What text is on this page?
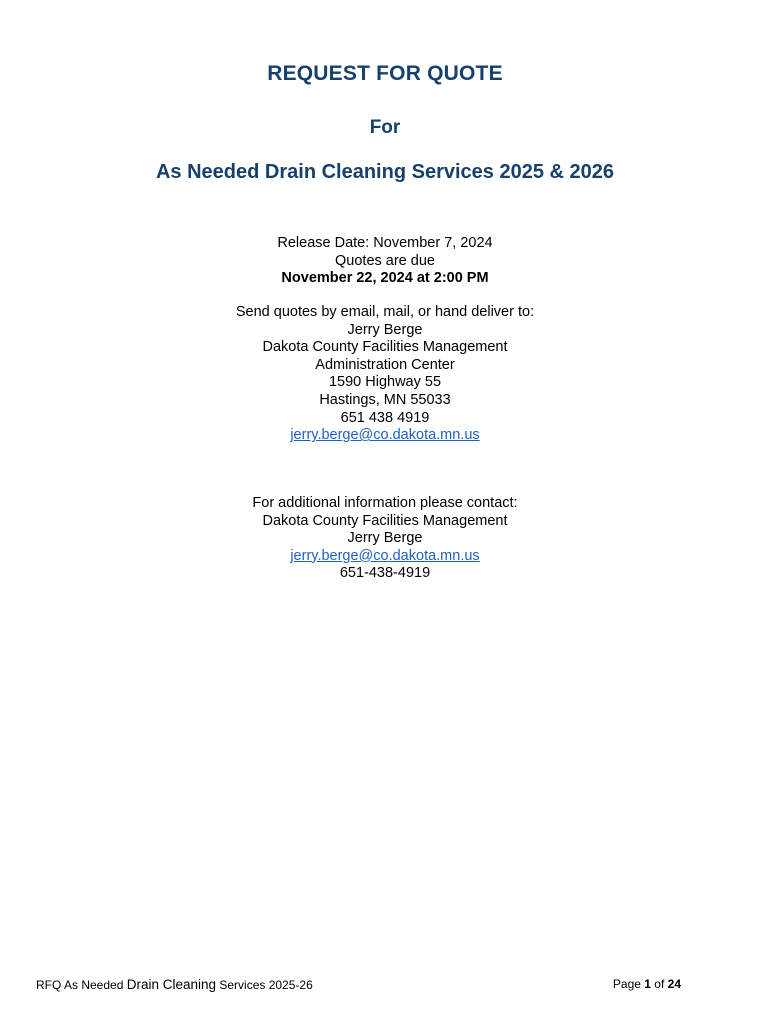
REQUEST FOR QUOTE
For
As Needed Drain Cleaning Services 2025 & 2026
Release Date: November 7, 2024
Quotes are due
November 22, 2024 at 2:00 PM
Send quotes by email, mail, or hand deliver to:
Jerry Berge
Dakota County Facilities Management
Administration Center
1590 Highway 55
Hastings, MN 55033
651 438 4919
jerry.berge@co.dakota.mn.us
For additional information please contact:
Dakota County Facilities Management
Jerry Berge
jerry.berge@co.dakota.mn.us
651-438-4919
RFQ As Needed Drain Cleaning Services 2025-26	Page 1 of 24
